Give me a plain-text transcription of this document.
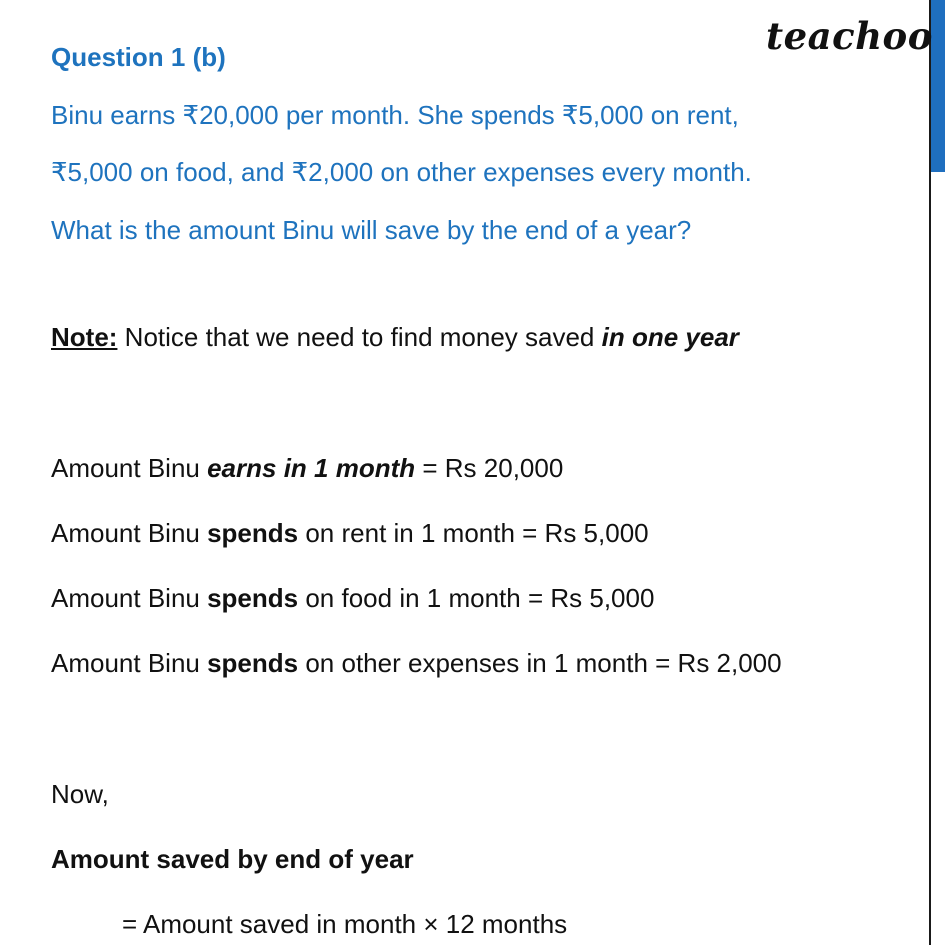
teachoo
Question 1 (b)
Binu earns ₹20,000 per month. She spends ₹5,000 on rent,
₹5,000 on food, and ₹2,000 on other expenses every month.
What is the amount Binu will save by the end of a year?
Note: Notice that we need to find money saved in one year
Amount Binu earns in 1 month = Rs 20,000
Amount Binu spends on rent in 1 month = Rs 5,000
Amount Binu spends on food in 1 month = Rs 5,000
Amount Binu spends on other expenses in 1 month = Rs 2,000
Now,
Amount saved by end of year
= Amount saved in month × 12 months
